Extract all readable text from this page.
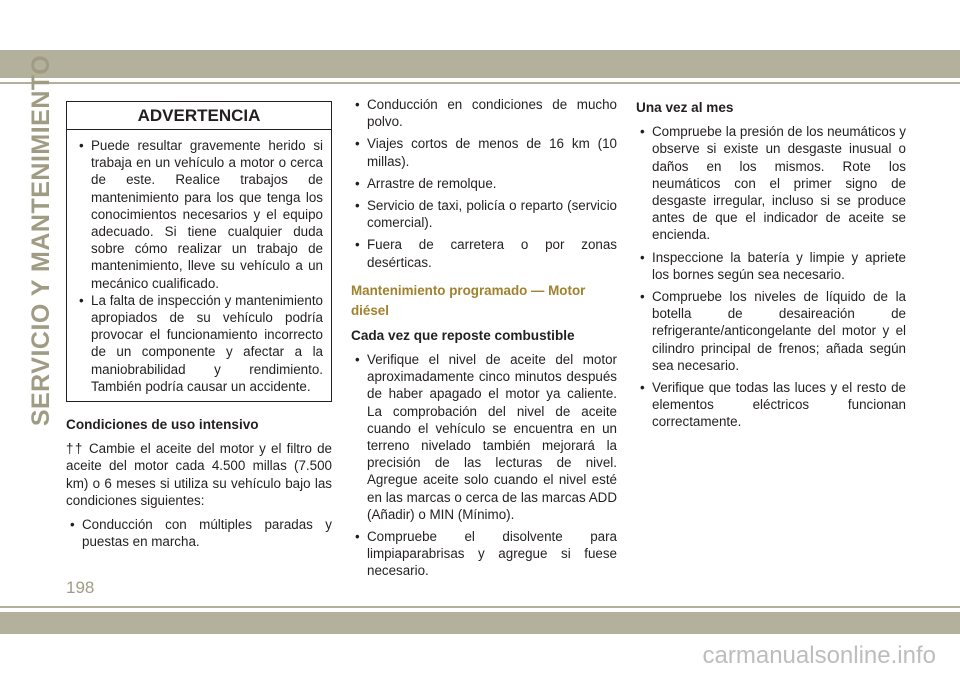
SERVICIO Y MANTENIMIENTO	ADVERTENCIA
• Puede resultar gravemente herido si trabaja en un vehículo a motor o cerca de este. Realice trabajos de mantenimiento para los que tenga los conocimientos necesarios y el equipo adecuado. Si tiene cualquier duda sobre cómo realizar un trabajo de mantenimiento, lleve su vehículo a un mecánico cualificado.
• La falta de inspección y mantenimiento apropiados de su vehículo podría provocar el funcionamiento incorrecto de un componente y afectar a la maniobrabilidad y rendimiento. También podría causar un accidente.
Condiciones de uso intensivo
†† Cambie el aceite del motor y el filtro de aceite del motor cada 4.500 millas (7.500 km) o 6 meses si utiliza su vehículo bajo las condiciones siguientes:
• Conducción con múltiples paradas y puestas en marcha.
• Conducción en condiciones de mucho polvo.
• Viajes cortos de menos de 16 km (10 millas).
• Arrastre de remolque.
• Servicio de taxi, policía o reparto (servicio comercial).
• Fuera de carretera o por zonas desérticas.
Mantenimiento programado — Motor diésel
Cada vez que reposte combustible
• Verifique el nivel de aceite del motor aproximadamente cinco minutos después de haber apagado el motor ya caliente. La comprobación del nivel de aceite cuando el vehículo se encuentra en un terreno nivelado también mejorará la precisión de las lecturas de nivel. Agregue aceite solo cuando el nivel esté en las marcas o cerca de las marcas ADD (Añadir) o MIN (Mínimo).
• Compruebe el disolvente para limpiaparabrisas y agregue si fuese necesario.
Una vez al mes
• Compruebe la presión de los neumáticos y observe si existe un desgaste inusual o daños en los mismos. Rote los neumáticos con el primer signo de desgaste irregular, incluso si se produce antes de que el indicador de aceite se encienda.
• Inspeccione la batería y limpie y apriete los bornes según sea necesario.
• Compruebe los niveles de líquido de la botella de desaireación de refrigerante/anticongelante del motor y el cilindro principal de frenos; añada según sea necesario.
• Verifique que todas las luces y el resto de elementos eléctricos funcionan correctamente.
198
carmanualsonline.info
